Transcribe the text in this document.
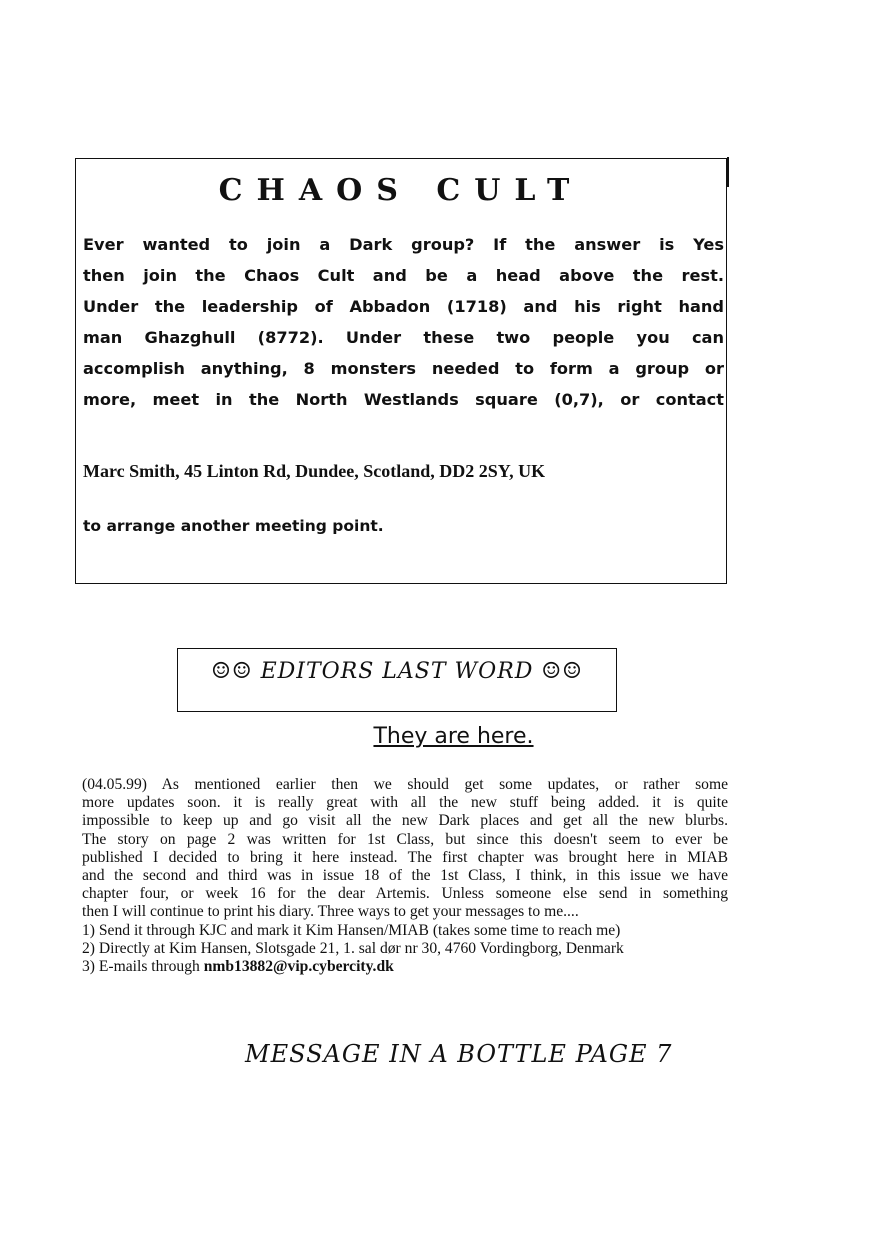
CHAOS CULT
Ever wanted to join a Dark group? If the answer is Yes
then join the Chaos Cult and be a head above the rest.
Under the leadership of Abbadon (1718) and his right hand
man Ghazghull (8772). Under these two people you can
accomplish anything, 8 monsters needed to form a group or
more, meet in the North Westlands square (0,7), or contact
Marc Smith, 45 Linton Rd, Dundee, Scotland, DD2 2SY, UK
to arrange another meeting point.
☺☺ EDITORS LAST WORD ☺☺
They are here.
(04.05.99) As mentioned earlier then we should get some updates, or rather some
more updates soon. it is really great with all the new stuff being added. it is quite
impossible to keep up and go visit all the new Dark places and get all the new blurbs.
The story on page 2 was written for 1st Class, but since this doesn't seem to ever be
published I decided to bring it here instead. The first chapter was brought here in MIAB
and the second and third was in issue 18 of the 1st Class, I think, in this issue we have
chapter four, or week 16 for the dear Artemis. Unless someone else send in something
then I will continue to print his diary. Three ways to get your messages to me....
1) Send it through KJC and mark it Kim Hansen/MIAB (takes some time to reach me)
2) Directly at Kim Hansen, Slotsgade 21, 1. sal dør nr 30, 4760 Vordingborg, Denmark
3) E-mails through nmb13882@vip.cybercity.dk
MESSAGE IN A BOTTLE PAGE 7
